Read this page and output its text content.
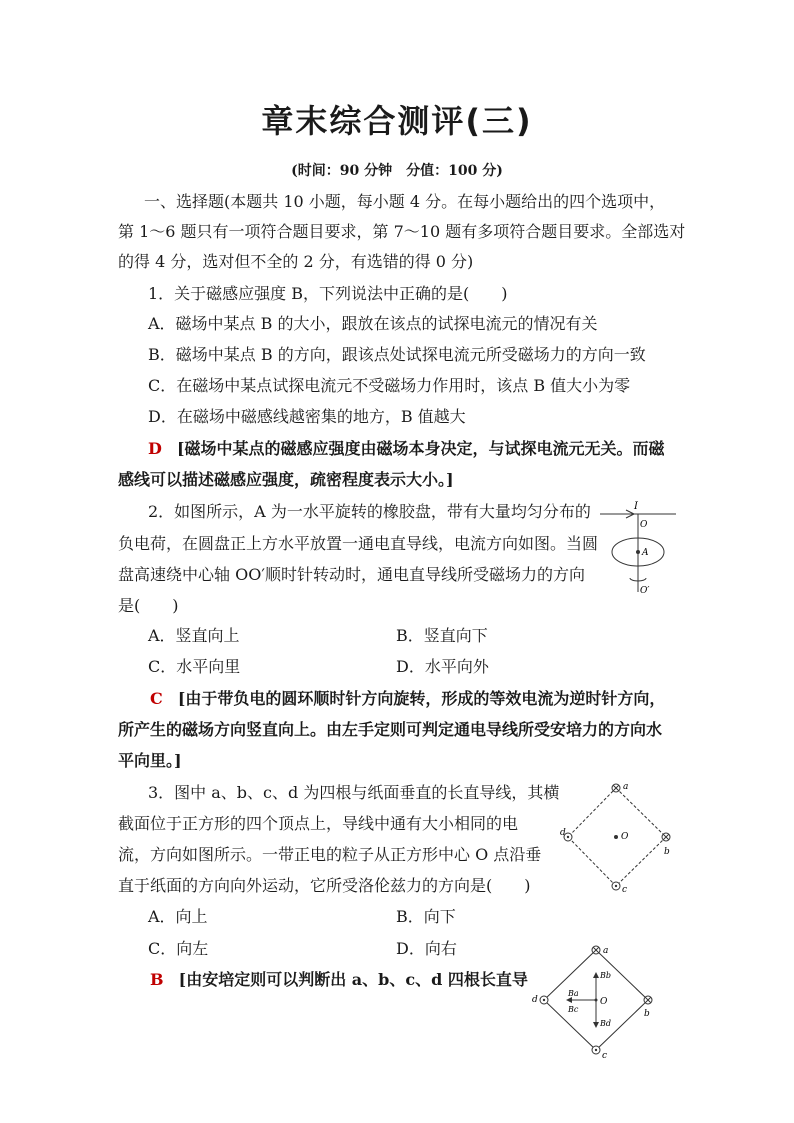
章末综合测评(三)
(时间：90 分钟　分值：100 分)
一、选择题(本题共 10 小题，每小题 4 分。在每小题给出的四个选项中，
第 1～6 题只有一项符合题目要求，第 7～10 题有多项符合题目要求。全部选对
的得 4 分，选对但不全的 2 分，有选错的得 0 分)
1．关于磁感应强度 B，下列说法中正确的是(　　)
A．磁场中某点 B 的大小，跟放在该点的试探电流元的情况有关
B．磁场中某点 B 的方向，跟该点处试探电流元所受磁场力的方向一致
C．在磁场中某点试探电流元不受磁场力作用时，该点 B 值大小为零
D．在磁场中磁感线越密集的地方，B 值越大
D [磁场中某点的磁感应强度由磁场本身决定，与试探电流元无关。而磁
感线可以描述磁感应强度，疏密程度表示大小。]
2．如图所示，A 为一水平旋转的橡胶盘，带有大量均匀分布的
负电荷，在圆盘正上方水平放置一通电直导线，电流方向如图。当圆
盘高速绕中心轴 OO′顺时针转动时，通电直导线所受磁场力的方向
是(　　)
A．竖直向上	B．竖直向下
C．水平向里	D．水平向外
C [由于带负电的圆环顺时针方向旋转，形成的等效电流为逆时针方向，
所产生的磁场方向竖直向上。由左手定则可判定通电导线所受安培力的方向水
平向里。]
I
O
A
O′
3．图中 a、b、c、d 为四根与纸面垂直的长直导线，其横
截面位于正方形的四个顶点上，导线中通有大小相同的电
流，方向如图所示。一带正电的粒子从正方形中心 O 点沿垂
直于纸面的方向向外运动，它所受洛伦兹力的方向是(　　)
A．向上	B．向下
C．向左	D．向右
B [由安培定则可以判断出 a、b、c、d 四根长直导
a
b
c
d	O
a
b
c
d	O
Bb
Ba
Bc
Bd
